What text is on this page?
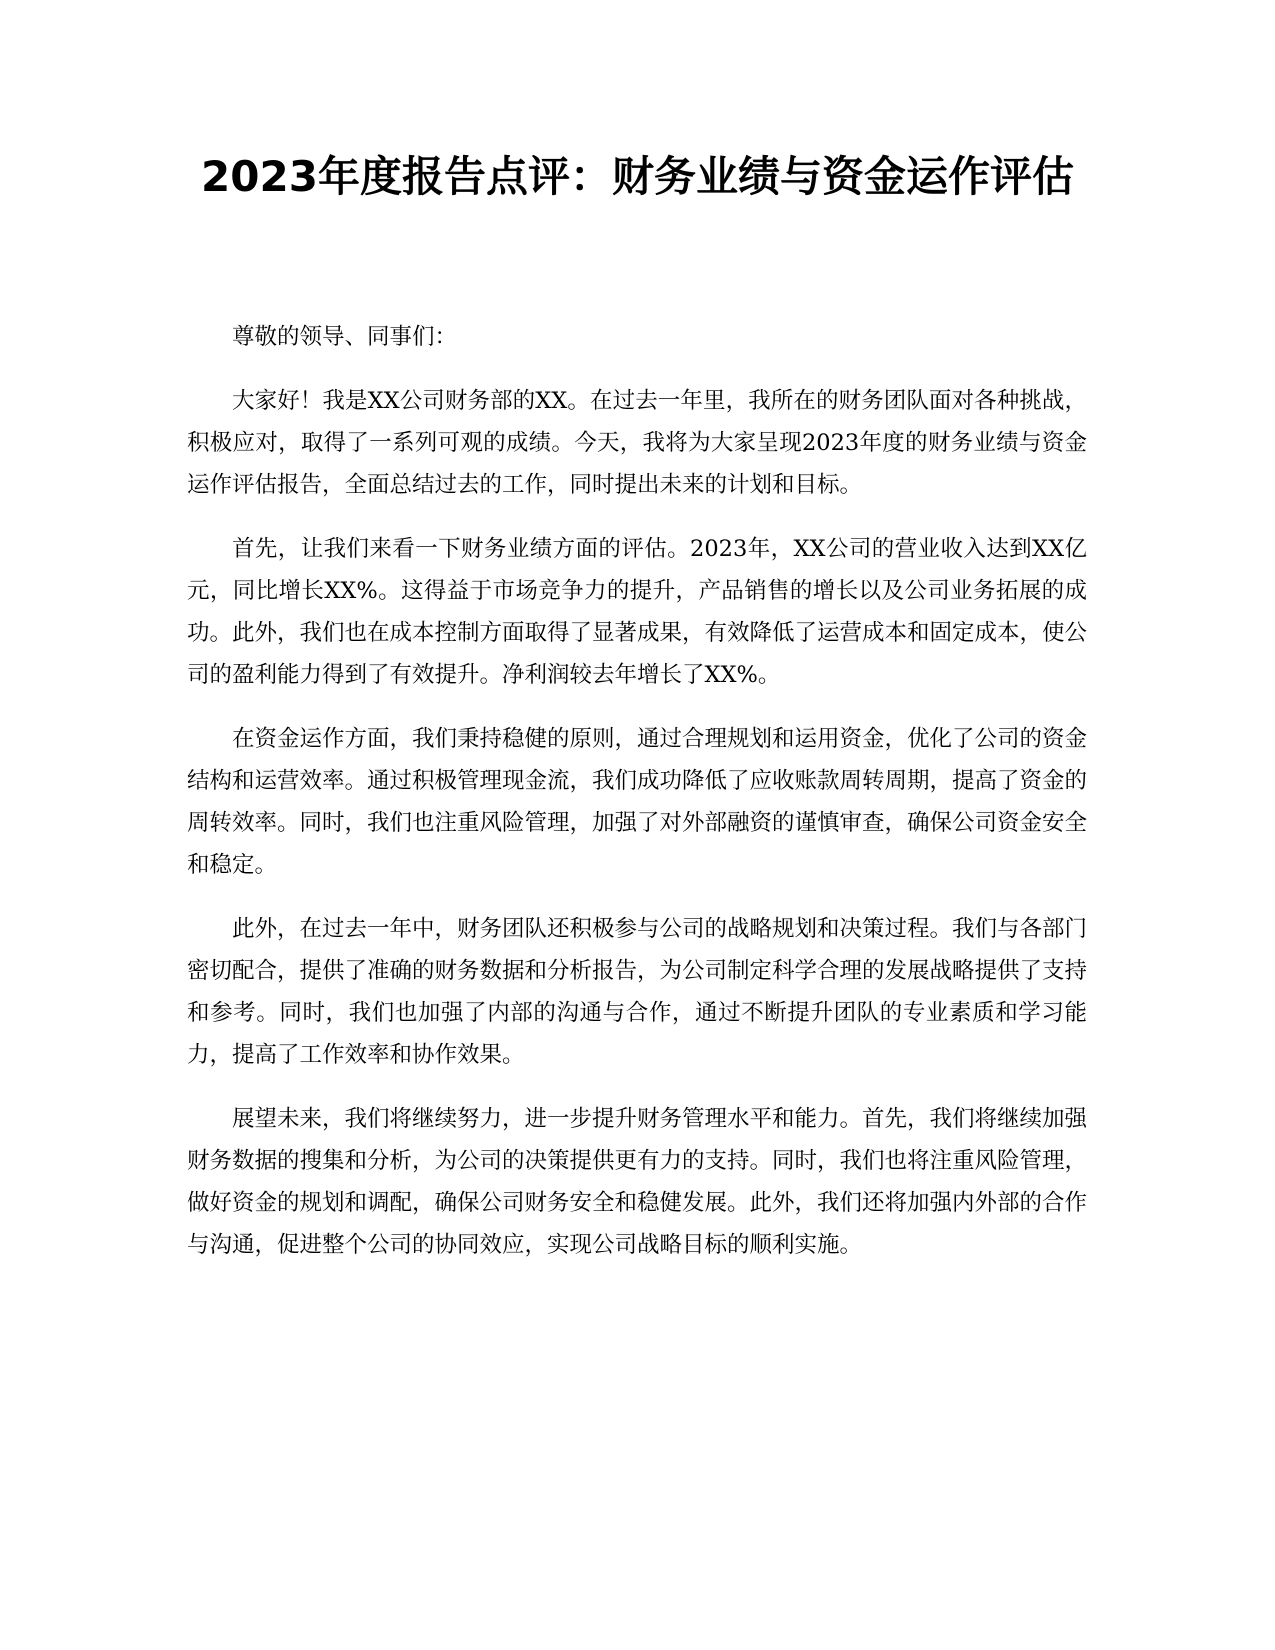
2023年度报告点评：财务业绩与资金运作评估

尊敬的领导、同事们：

大家好！我是XX公司财务部的XX。在过去一年里，我所在的财务团队面对各种挑战，积极应对，取得了一系列可观的成绩。今天，我将为大家呈现2023年度的财务业绩与资金运作评估报告，全面总结过去的工作，同时提出未来的计划和目标。

首先，让我们来看一下财务业绩方面的评估。2023年，XX公司的营业收入达到XX亿元，同比增长XX%。这得益于市场竞争力的提升，产品销售的增长以及公司业务拓展的成功。此外，我们也在成本控制方面取得了显著成果，有效降低了运营成本和固定成本，使公司的盈利能力得到了有效提升。净利润较去年增长了XX%。

在资金运作方面，我们秉持稳健的原则，通过合理规划和运用资金，优化了公司的资金结构和运营效率。通过积极管理现金流，我们成功降低了应收账款周转周期，提高了资金的周转效率。同时，我们也注重风险管理，加强了对外部融资的谨慎审查，确保公司资金安全和稳定。

此外，在过去一年中，财务团队还积极参与公司的战略规划和决策过程。我们与各部门密切配合，提供了准确的财务数据和分析报告，为公司制定科学合理的发展战略提供了支持和参考。同时，我们也加强了内部的沟通与合作，通过不断提升团队的专业素质和学习能力，提高了工作效率和协作效果。

展望未来，我们将继续努力，进一步提升财务管理水平和能力。首先，我们将继续加强财务数据的搜集和分析，为公司的决策提供更有力的支持。同时，我们也将注重风险管理，做好资金的规划和调配，确保公司财务安全和稳健发展。此外，我们还将加强内外部的合作与沟通，促进整个公司的协同效应，实现公司战略目标的顺利实施。
